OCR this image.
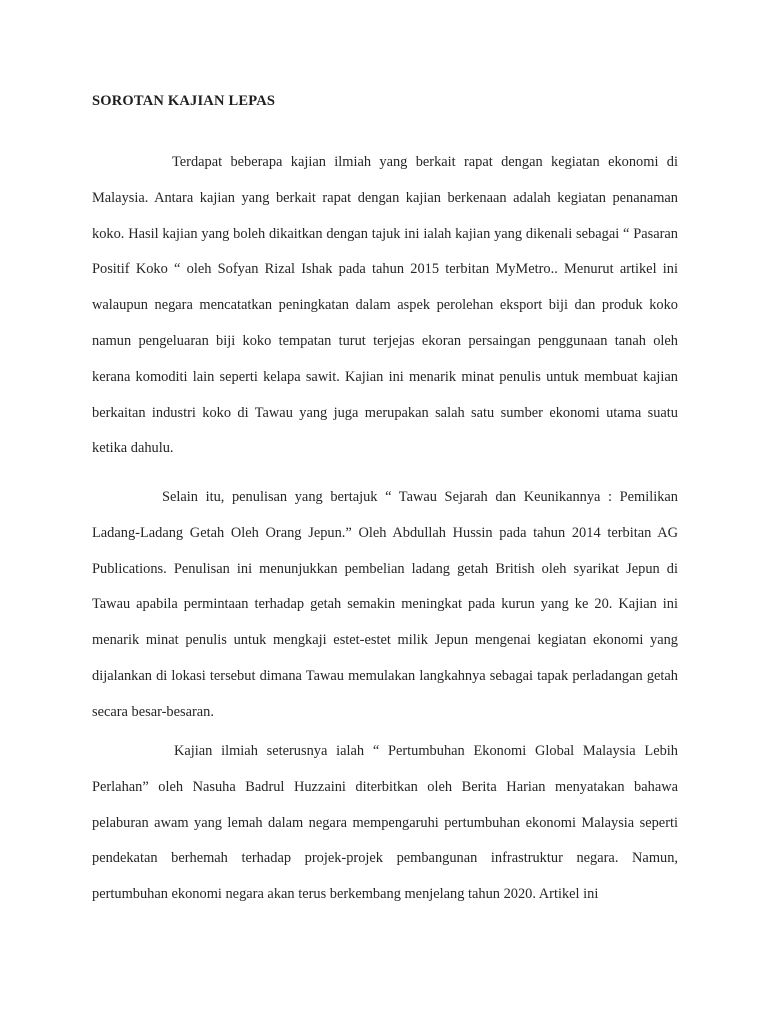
SOROTAN KAJIAN LEPAS
Terdapat beberapa kajian ilmiah yang berkait rapat dengan kegiatan ekonomi di Malaysia. Antara kajian yang berkait rapat dengan kajian berkenaan adalah kegiatan penanaman koko. Hasil kajian yang boleh dikaitkan dengan tajuk ini ialah kajian yang dikenali sebagai “ Pasaran Positif Koko “ oleh Sofyan Rizal Ishak pada tahun 2015 terbitan MyMetro.. Menurut artikel ini walaupun negara mencatatkan peningkatan dalam aspek perolehan eksport biji dan produk koko namun pengeluaran biji koko tempatan turut terjejas ekoran persaingan penggunaan tanah oleh kerana komoditi lain seperti kelapa sawit. Kajian ini menarik minat penulis untuk membuat kajian berkaitan industri koko di Tawau yang juga merupakan salah satu sumber ekonomi utama suatu ketika dahulu.
Selain itu, penulisan yang bertajuk “ Tawau Sejarah dan Keunikannya : Pemilikan Ladang-Ladang Getah Oleh Orang Jepun.” Oleh Abdullah Hussin pada tahun 2014 terbitan AG Publications. Penulisan ini menunjukkan pembelian ladang getah British oleh syarikat Jepun di Tawau apabila permintaan terhadap getah semakin meningkat pada kurun yang ke 20. Kajian ini menarik minat penulis untuk mengkaji estet-estet milik Jepun mengenai kegiatan ekonomi yang dijalankan di lokasi tersebut dimana Tawau memulakan langkahnya sebagai tapak perladangan getah secara besar-besaran.
Kajian ilmiah seterusnya ialah “ Pertumbuhan Ekonomi Global Malaysia Lebih Perlahan” oleh Nasuha Badrul Huzzaini diterbitkan oleh Berita Harian menyatakan bahawa pelaburan awam yang lemah dalam negara mempengaruhi pertumbuhan ekonomi Malaysia seperti pendekatan berhemah terhadap projek-projek pembangunan infrastruktur negara. Namun, pertumbuhan ekonomi negara akan terus berkembang menjelang tahun 2020. Artikel ini
